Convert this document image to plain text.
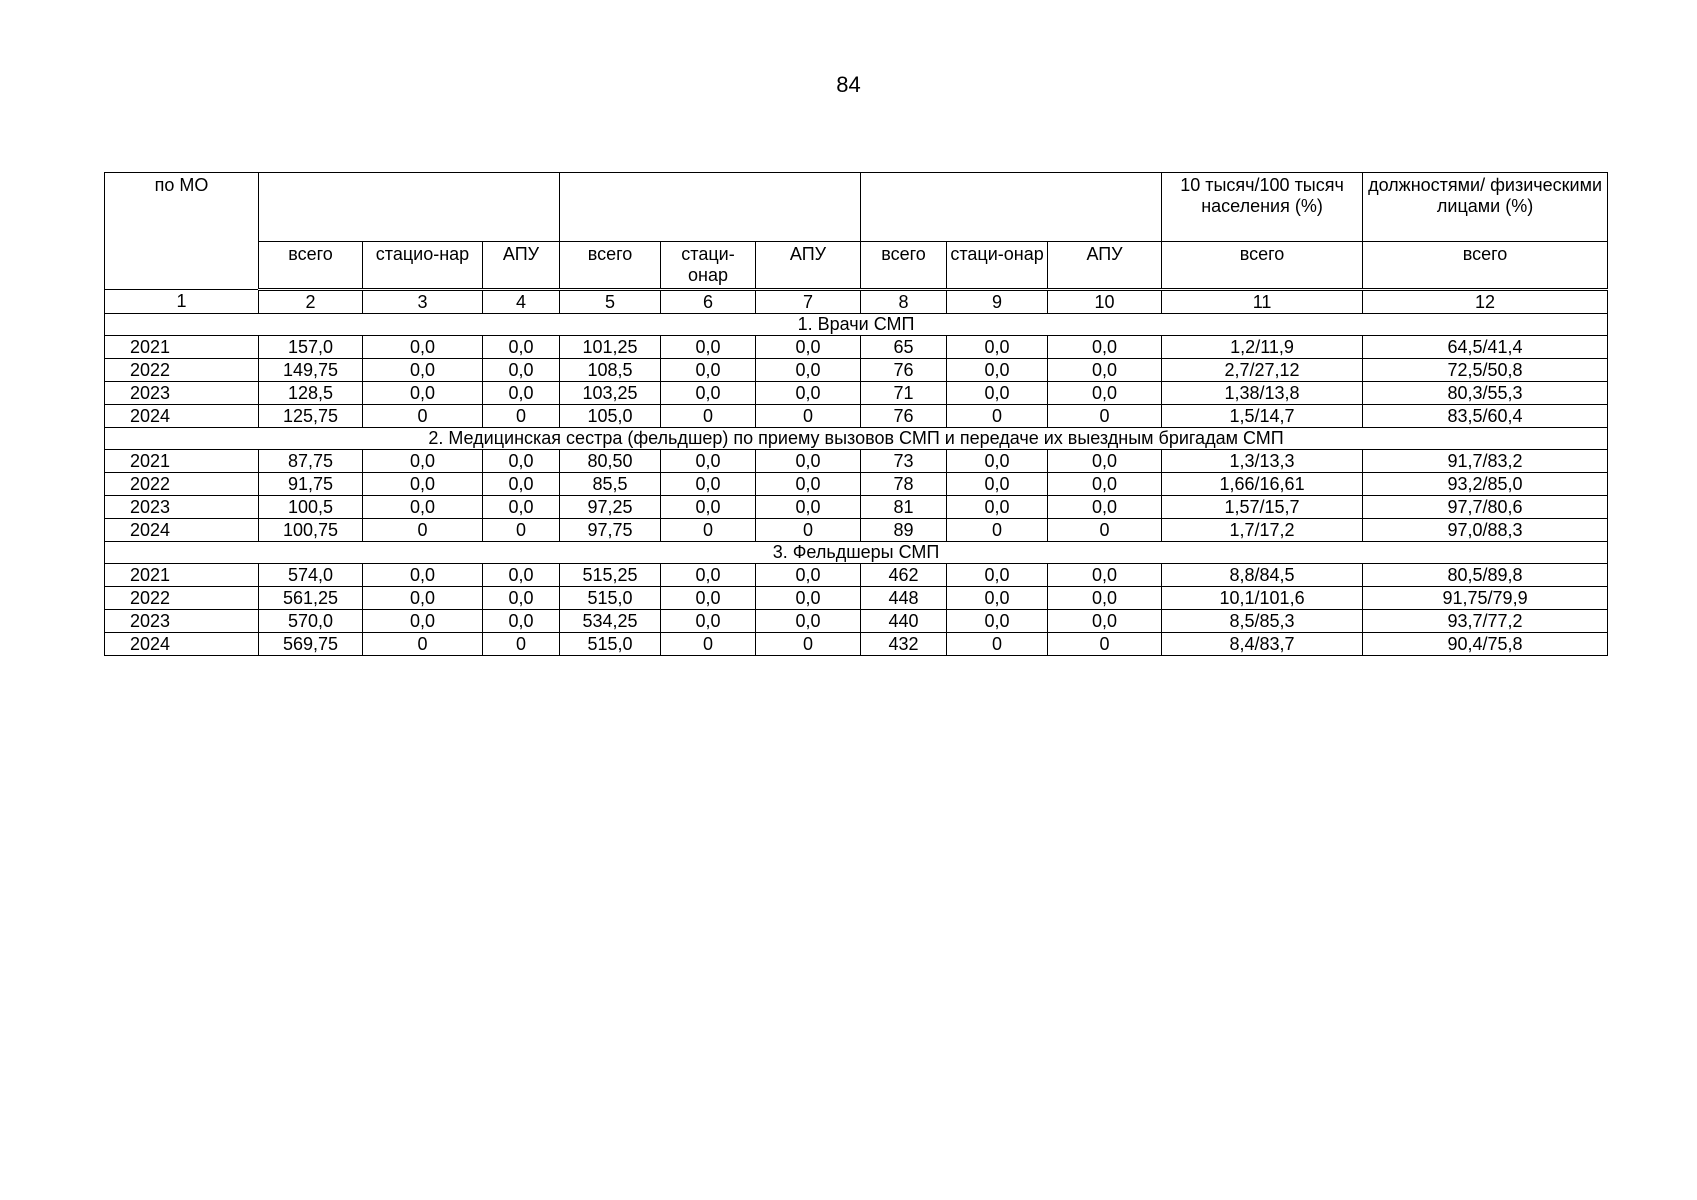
84
по МО										10 тысяч/100 тысяч населения (%)	должностями/ физическими лицами (%)
	всего	стацио-нар	АПУ	всего	стаци-онар	АПУ	всего	стаци-онар	АПУ	всего	всего
1	2	3	4	5	6	7	8	9	10	11	12
1. Врачи СМП											
2021	157,0	0,0	0,0	101,25	0,0	0,0	65	0,0	0,0	1,2/11,9	64,5/41,4
2022	149,75	0,0	0,0	108,5	0,0	0,0	76	0,0	0,0	2,7/27,12	72,5/50,8
2023	128,5	0,0	0,0	103,25	0,0	0,0	71	0,0	0,0	1,38/13,8	80,3/55,3
2024	125,75	0	0	105,0	0	0	76	0	0	1,5/14,7	83,5/60,4
2. Медицинская сестра (фельдшер) по приему вызовов СМП и передаче их выездным бригадам СМП											
2021	87,75	0,0	0,0	80,50	0,0	0,0	73	0,0	0,0	1,3/13,3	91,7/83,2
2022	91,75	0,0	0,0	85,5	0,0	0,0	78	0,0	0,0	1,66/16,61	93,2/85,0
2023	100,5	0,0	0,0	97,25	0,0	0,0	81	0,0	0,0	1,57/15,7	97,7/80,6
2024	100,75	0	0	97,75	0	0	89	0	0	1,7/17,2	97,0/88,3
3. Фельдшеры СМП											
2021	574,0	0,0	0,0	515,25	0,0	0,0	462	0,0	0,0	8,8/84,5	80,5/89,8
2022	561,25	0,0	0,0	515,0	0,0	0,0	448	0,0	0,0	10,1/101,6	91,75/79,9
2023	570,0	0,0	0,0	534,25	0,0	0,0	440	0,0	0,0	8,5/85,3	93,7/77,2
2024	569,75	0	0	515,0	0	0	432	0	0	8,4/83,7	90,4/75,8
